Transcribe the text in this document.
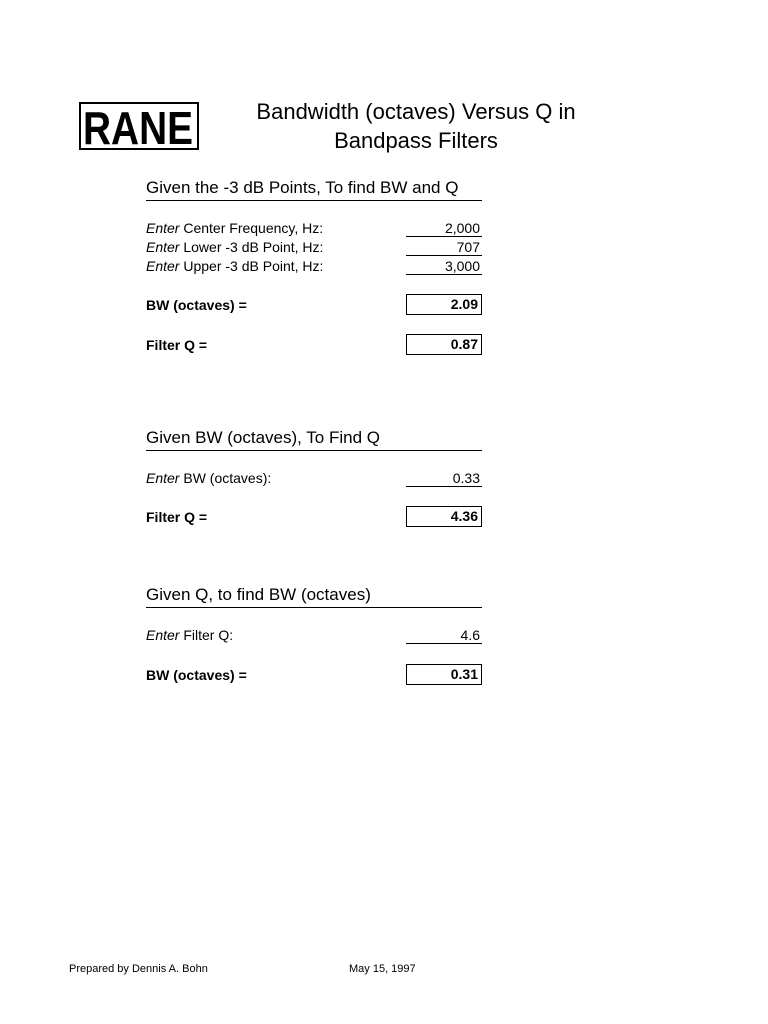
RANE	Bandwidth (octaves) Versus Q in
Bandpass Filters
Given the -3 dB Points, To find BW and Q
Enter Center Frequency, Hz:	2,000
Enter Lower -3 dB Point, Hz:	707
Enter Upper -3 dB Point, Hz:	3,000
BW (octaves) =	2.09
Filter Q =	0.87
Given BW (octaves), To Find Q
Enter BW (octaves):	0.33
Filter Q =	4.36
Given Q, to find BW (octaves)
Enter Filter Q:	4.6
BW (octaves) =	0.31
Prepared by Dennis A. Bohn	May 15, 1997
